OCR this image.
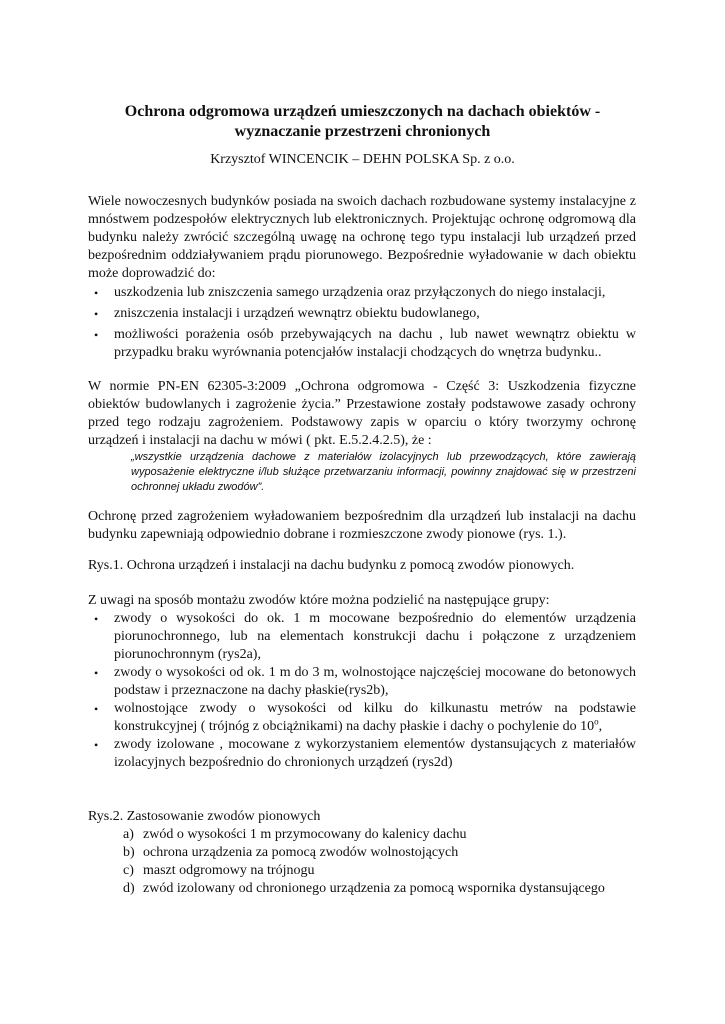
Ochrona odgromowa urządzeń umieszczonych na dachach obiektów - wyznaczanie przestrzeni chronionych
Krzysztof WINCENCIK – DEHN POLSKA Sp. z o.o.

Wiele nowoczesnych budynków posiada na swoich dachach rozbudowane systemy instalacyjne z mnóstwem podzespołów elektrycznych lub elektronicznych. Projektując ochronę odgromową dla budynku należy zwrócić szczególną uwagę na ochronę tego typu instalacji lub urządzeń przed bezpośrednim oddziaływaniem prądu piorunowego. Bezpośrednie wyładowanie w dach obiektu może doprowadzić do:

• uszkodzenia lub zniszczenia samego urządzenia oraz przyłączonych do niego instalacji,
• zniszczenia instalacji i urządzeń wewnątrz obiektu budowlanego,
• możliwości porażenia osób przebywających na dachu , lub nawet wewnątrz obiektu w przypadku braku wyrównania potencjałów instalacji chodzących do wnętrza budynku..

W normie PN-EN 62305-3:2009 „Ochrona odgromowa - Część 3: Uszkodzenia fizyczne obiektów budowlanych i zagrożenie życia.” Przestawione zostały podstawowe zasady ochrony przed tego rodzaju zagrożeniem. Podstawowy zapis w oparciu o który tworzymy ochronę urządzeń i instalacji na dachu w mówi ( pkt. E.5.2.4.2.5), że :

„wszystkie urządzenia dachowe z materiałów izolacyjnych lub przewodzących, które zawierają wyposażenie elektryczne i/lub służące przetwarzaniu informacji, powinny znajdować się w przestrzeni ochronnej układu zwodów”.

Ochronę przed zagrożeniem wyładowaniem bezpośrednim dla urządzeń lub instalacji na dachu budynku zapewniają odpowiednio dobrane i rozmieszczone zwody pionowe (rys. 1.).

Rys.1. Ochrona urządzeń i instalacji na dachu budynku z pomocą zwodów pionowych.

Z uwagi na sposób montażu zwodów które można podzielić na następujące grupy:

• zwody o wysokości do ok. 1 m mocowane bezpośrednio do elementów urządzenia piorunochronnego, lub na elementach konstrukcji dachu i połączone z urządzeniem piorunochronnym (rys2a),
• zwody o wysokości od ok. 1 m do 3 m, wolnostojące najczęściej mocowane do betonowych podstaw i przeznaczone na dachy płaskie(rys2b),
• wolnostojące zwody o wysokości od kilku do kilkunastu metrów na podstawie konstrukcyjnej ( trójnóg z obciążnikami) na dachy płaskie i dachy o pochylenie do 10$^o$,
• zwody izolowane , mocowane z wykorzystaniem elementów dystansujących z materiałów izolacyjnych bezpośrednio do chronionych urządzeń (rys2d)

Rys.2. Zastosowanie zwodów pionowych

a) zwód o wysokości 1 m przymocowany do kalenicy dachu
b) ochrona urządzenia za pomocą zwodów wolnostojących
c) maszt odgromowy na trójnogu
d) zwód izolowany od chronionego urządzenia za pomocą wspornika dystansującego
